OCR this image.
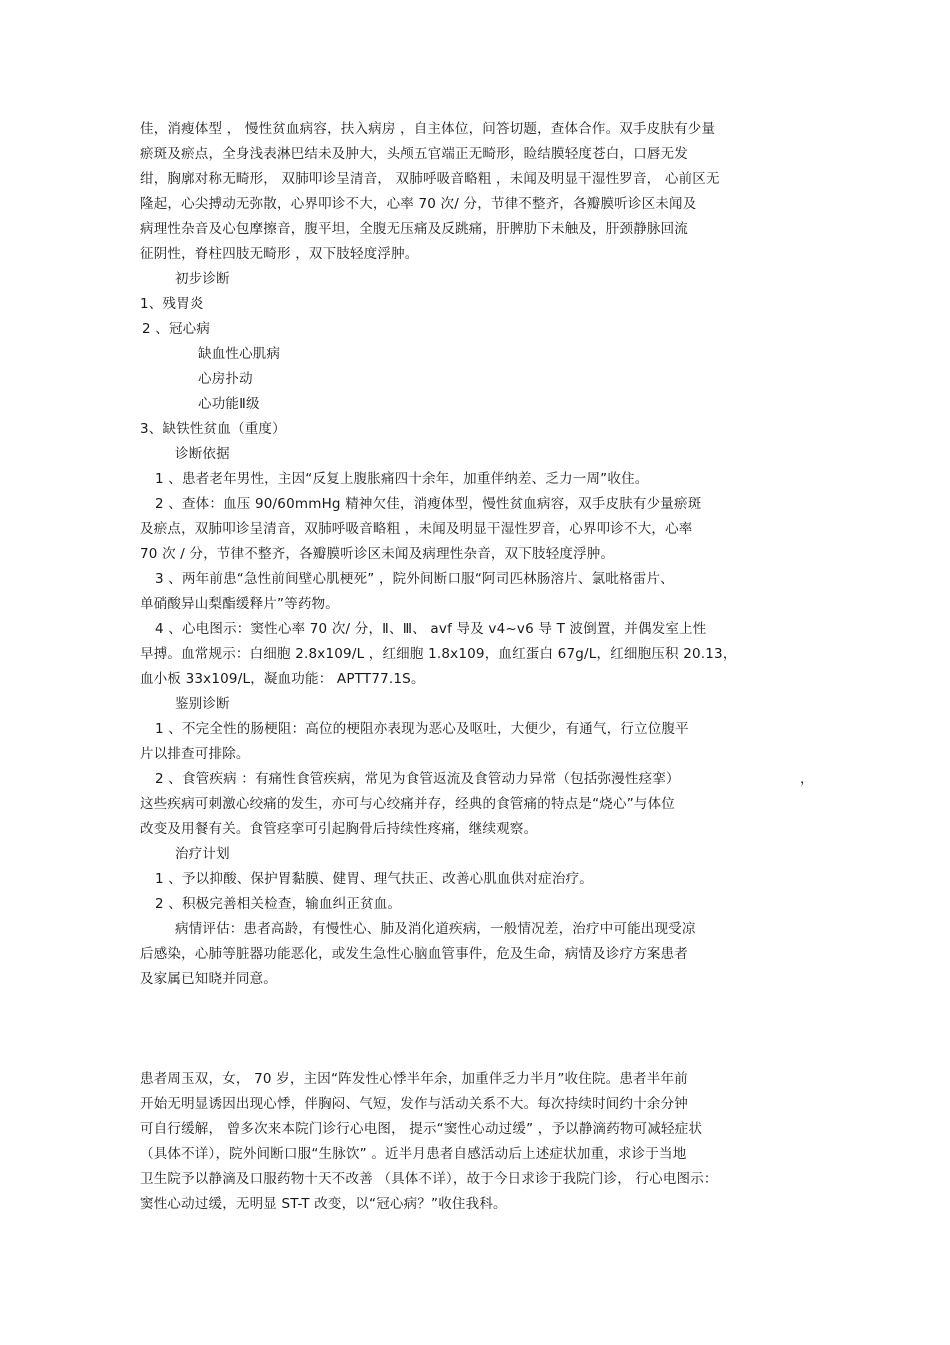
佳，消瘦体型 ， 慢性贫血病容，扶入病房 ，自主体位，问答切题，查体合作。双手皮肤有少量
瘀斑及瘀点，全身浅表淋巴结未及肿大，头颅五官端正无畸形，睑结膜轻度苍白，口唇无发
绀，胸廓对称无畸形， 双肺叩诊呈清音， 双肺呼吸音略粗 ，未闻及明显干湿性罗音， 心前区无
隆起，心尖搏动无弥散，心界叩诊不大，心率 70 次/ 分，节律不整齐，各瓣膜听诊区未闻及
病理性杂音及心包摩擦音，腹平坦，全腹无压痛及反跳痛，肝脾肋下未触及，肝颈静脉回流
征阴性，脊柱四肢无畸形 ，双下肢轻度浮肿。
初步诊断
1、残胃炎
2 、冠心病
缺血性心肌病
心房扑动
心功能Ⅱ级
3、缺铁性贫血（重度）
诊断依据
1 、患者老年男性，主因“反复上腹胀痛四十余年，加重伴纳差、乏力一周”收住。
2 、查体：血压 90/60mmHg 精神欠佳，消瘦体型，慢性贫血病容，双手皮肤有少量瘀斑
及瘀点，双肺叩诊呈清音，双肺呼吸音略粗 ，未闻及明显干湿性罗音，心界叩诊不大，心率
70 次 / 分，节律不整齐，各瓣膜听诊区未闻及病理性杂音，双下肢轻度浮肿。
3 、两年前患“急性前间壁心肌梗死” ，院外间断口服“阿司匹林肠溶片、氯吡格雷片、
单硝酸异山梨酯缓释片”等药物。
4 、心电图示：窦性心率 70 次/ 分，Ⅱ、Ⅲ、 avf 导及 v4~v6 导 T 波倒置，并偶发室上性
早搏。血常规示：白细胞 2.8x109/L ，红细胞 1.8x109，血红蛋白 67g/L，红细胞压积 20.13，
血小板 33x109/L，凝血功能： APTT77.1S。
鉴别诊断
1 、不完全性的肠梗阻：高位的梗阻亦表现为恶心及呕吐，大便少，有通气，行立位腹平
片以排查可排除。
2 、食管疾病 ：有痛性食管疾病，常见为食管返流及食管动力异常（包括弥漫性痉挛）	，
这些疾病可刺激心绞痛的发生，亦可与心绞痛并存，经典的食管痛的特点是“烧心”与体位
改变及用餐有关。食管痉挛可引起胸骨后持续性疼痛，继续观察。
治疗计划
1 、予以抑酸、保护胃黏膜、健胃、理气扶正、改善心肌血供对症治疗。
2 、积极完善相关检查，输血纠正贫血。
病情评估：患者高龄，有慢性心、肺及消化道疾病，一般情况差，治疗中可能出现受凉
后感染，心肺等脏器功能恶化，或发生急性心脑血管事件，危及生命，病情及诊疗方案患者
及家属已知晓并同意。
患者周玉双，女， 70 岁，主因“阵发性心悸半年余，加重伴乏力半月”收住院。患者半年前
开始无明显诱因出现心悸，伴胸闷、气短，发作与活动关系不大。每次持续时间约十余分钟
可自行缓解， 曾多次来本院门诊行心电图， 提示“窦性心动过缓” ，予以静滴药物可减轻症状
（具体不详），院外间断口服“生脉饮” 。近半月患者自感活动后上述症状加重，求诊于当地
卫生院予以静滴及口服药物十天不改善 （具体不详），故于今日求诊于我院门诊， 行心电图示：
窦性心动过缓，无明显 ST-T 改变，以“冠心病？”收住我科。
